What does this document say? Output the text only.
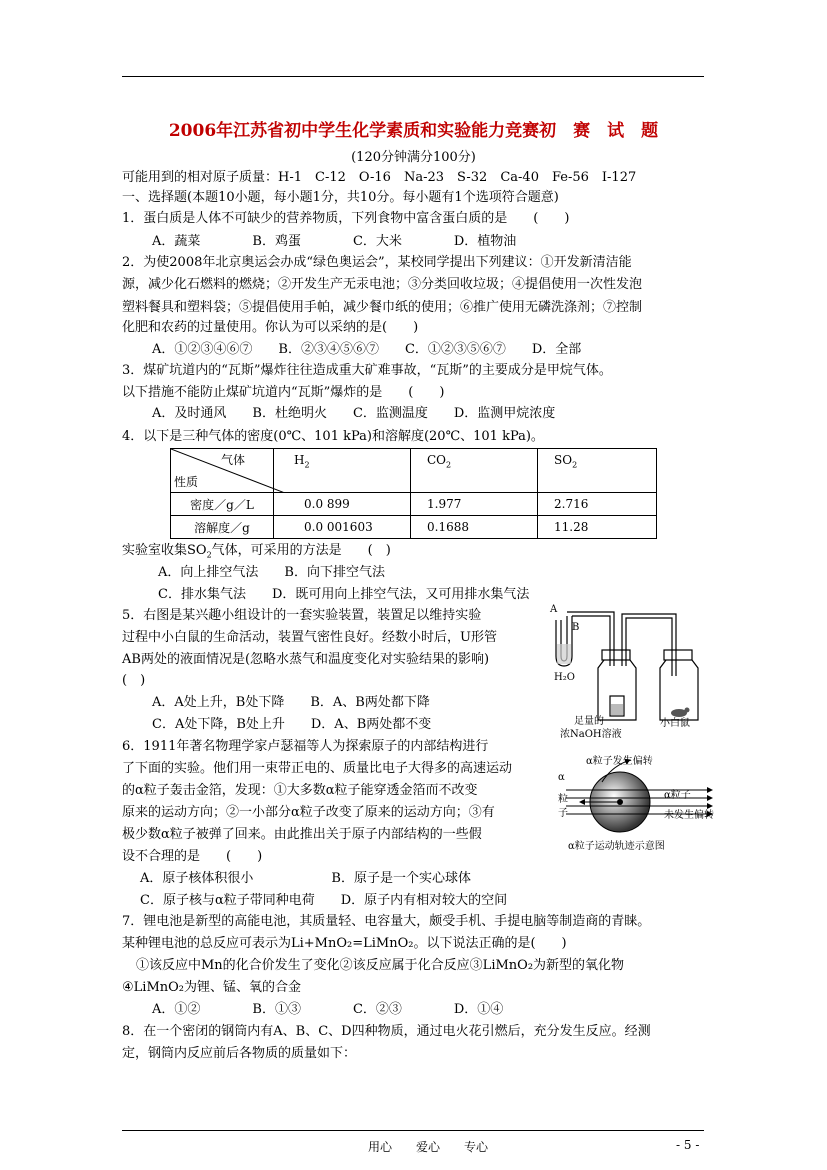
2006年江苏省初中学生化学素质和实验能力竞赛初　赛　试　题
(120分钟满分100分)
可能用到的相对原子质量：H-1　C-12　O-16　Na-23　S-32　Ca-40　Fe-56　I-127
一、选择题(本题10小题，每小题1分，共10分。每小题有1个选项符合题意)
1．蛋白质是人体不可缺少的营养物质，下列食物中富含蛋白质的是　　(　　)
A．蔬菜　　　　B．鸡蛋　　　　C．大米　　　　D．植物油
2．为使2008年北京奥运会办成“绿色奥运会”，某校同学提出下列建议：①开发新清洁能
源，减少化石燃料的燃烧；②开发生产无汞电池；③分类回收垃圾；④提倡使用一次性发泡
塑料餐具和塑料袋；⑤提倡使用手帕，减少餐巾纸的使用；⑥推广使用无磷洗涤剂；⑦控制
化肥和农药的过量使用。你认为可以采纳的是(　　)
A．①②③④⑥⑦　　B．②③④⑤⑥⑦　　C．①②③⑤⑥⑦　　D．全部
3．煤矿坑道内的“瓦斯”爆炸往往造成重大矿难事故，“瓦斯”的主要成分是甲烷气体。
以下措施不能防止煤矿坑道内“瓦斯”爆炸的是　　(　　)
A．及时通风　　B．杜绝明火　　C．监测温度　　D．监测甲烷浓度
4．以下是三种气体的密度(0℃、101 kPa)和溶解度(20℃、101 kPa)。
气体
性质	$H_2$	$CO_2$	$SO_2$
密度／g／L	0.0 899	1.977	2.716
溶解度／g	0.0 001603	0.1688	11.28
实验室收集$SO_2$气体，可采用的方法是　　(　)
A．向上排空气法　　B．向下排空气法
C．排水集气法　　D．既可用向上排空气法，又可用排水集气法
5．右图是某兴趣小组设计的一套实验装置，装置足以维持实验
过程中小白鼠的生命活动，装置气密性良好。经数小时后，U形管
AB两处的液面情况是(忽略水蒸气和温度变化对实验结果的影响)
(　)
A．A处上升，B处下降　　B．A、B两处都下降
C．A处下降，B处上升　　D．A、B两处都不变
A
B
H₂O
足量的
浓NaOH溶液
小白鼠
6．1911年著名物理学家卢瑟福等人为探索原子的内部结构进行
了下面的实验。他们用一束带正电的、质量比电子大得多的高速运动
的α粒子轰击金箔，发现：①大多数α粒子能穿透金箔而不改变
原来的运动方向；②一小部分α粒子改变了原来的运动方向；③有
极少数α粒子被弹了回来。由此推出关于原子内部结构的一些假
设不合理的是　　(　　)
A．原子核体积很小　　　　　　B．原子是一个实心球体
C．原子核与α粒子带同种电荷　　D．原子内有相对较大的空间
α
粒
子
α粒子发生偏转
α粒子
未发生偏转
α粒子运动轨迹示意图
7．锂电池是新型的高能电池，其质量轻、电容量大，颇受手机、手提电脑等制造商的青睐。
某种锂电池的总反应可表示为Li+MnO₂=LiMnO₂。以下说法正确的是(　　)
①该反应中Mn的化合价发生了变化②该反应属于化合反应③LiMnO₂为新型的氧化物
④LiMnO₂为锂、锰、氧的合金
A．①②　　　　B．①③　　　　C．②③　　　　D．①④
8．在一个密闭的钢筒内有A、B、C、D四种物质，通过电火花引燃后，充分发生反应。经测
定，钢筒内反应前后各物质的质量如下：
用心　　爱心　　专心	- 5 -
